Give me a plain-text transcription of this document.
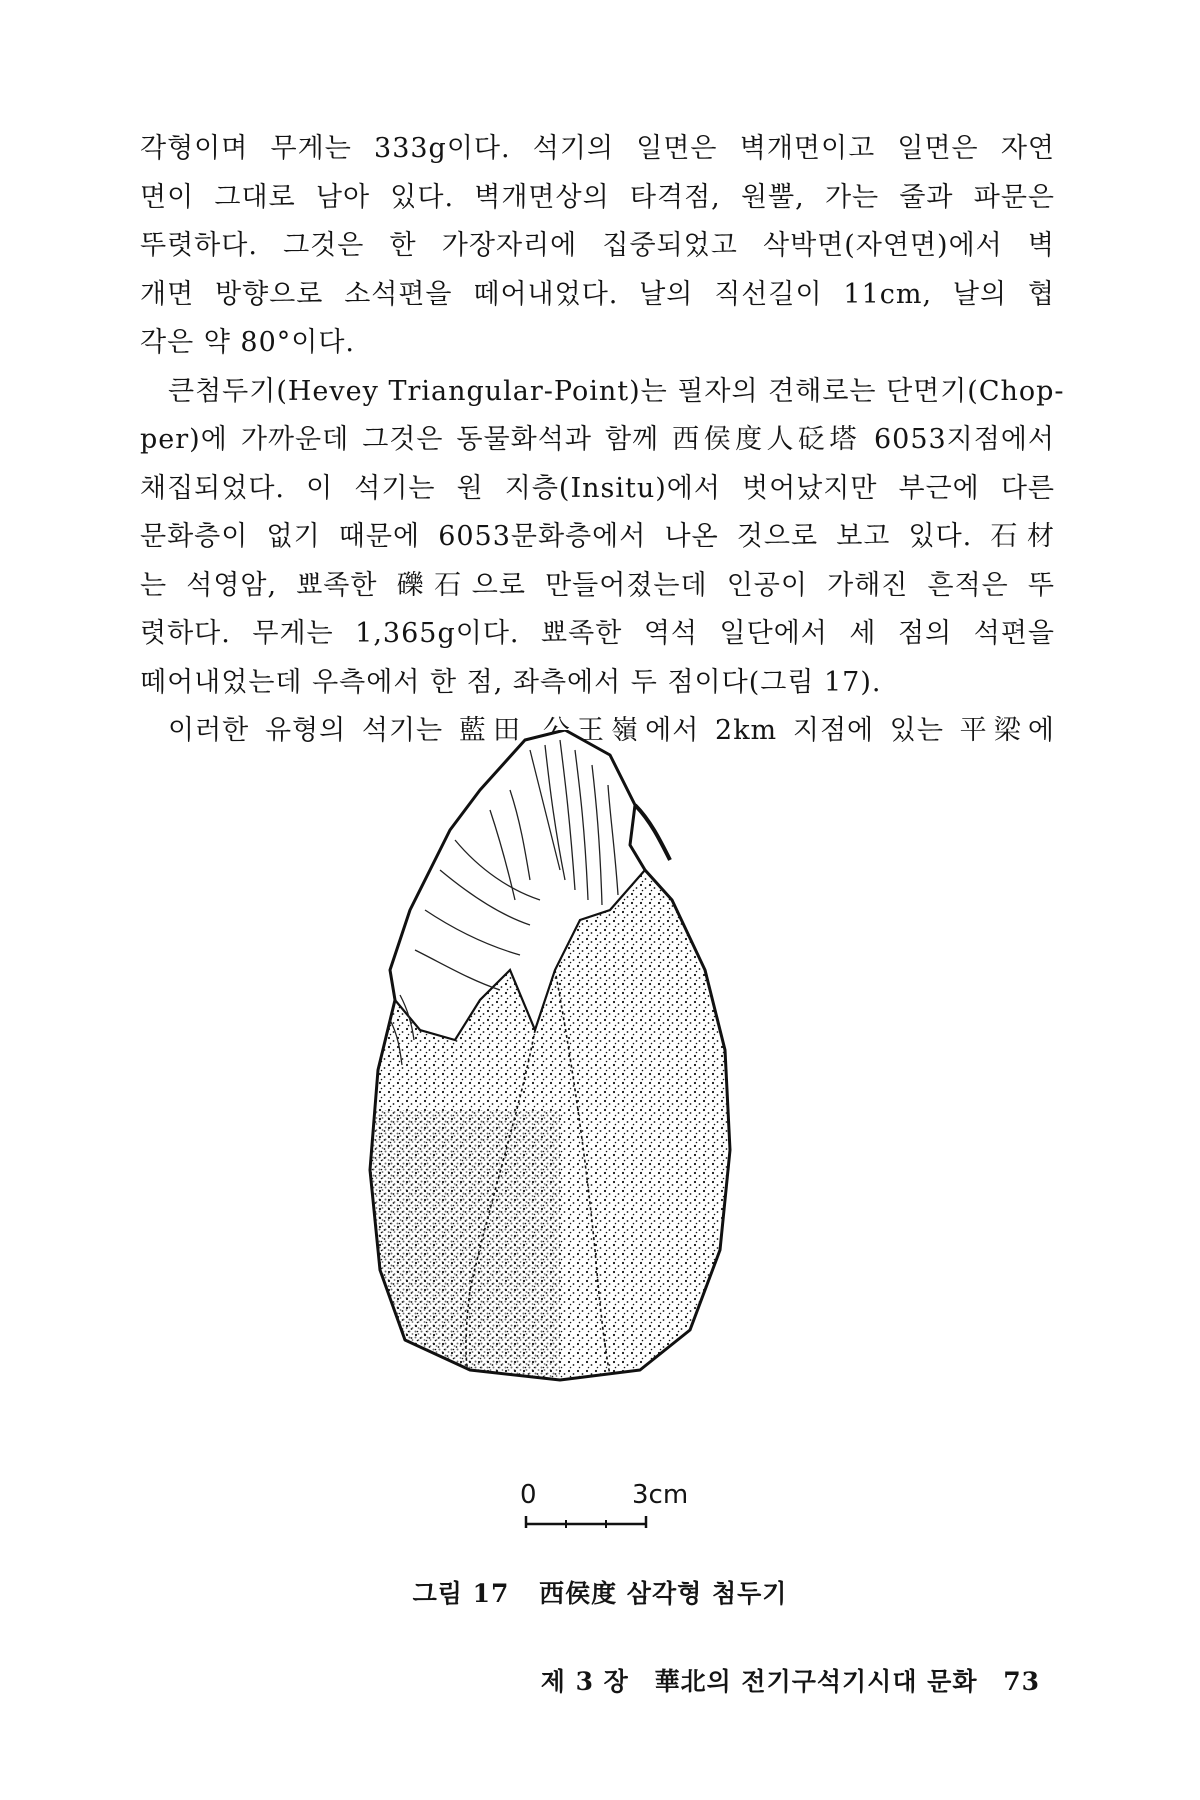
각형이며 무게는 333g이다. 석기의 일면은 벽개면이고 일면은 자연
면이 그대로 남아 있다. 벽개면상의 타격점, 원뿔, 가는 줄과 파문은
뚜렷하다. 그것은 한 가장자리에 집중되었고 삭박면(자연면)에서 벽
개면 방향으로 소석편을 떼어내었다. 날의 직선길이 11cm, 날의 협
각은 약 80°이다.
큰첨두기(Hevey Triangular-Point)는 필자의 견해로는 단면기(Chop-
per)에 가까운데 그것은 동물화석과 함께 西侯度人砭塔 6053지점에서
채집되었다. 이 석기는 원 지층(Insitu)에서 벗어났지만 부근에 다른
문화층이 없기 때문에 6053문화층에서 나온 것으로 보고 있다. 石材
는 석영암, 뾰족한 礫石으로 만들어졌는데 인공이 가해진 흔적은 뚜
렷하다. 무게는 1,365g이다. 뾰족한 역석 일단에서 세 점의 석편을
떼어내었는데 우측에서 한 점, 좌측에서 두 점이다(그림 17).
이러한 유형의 석기는 藍田 公王嶺에서 2km 지점에 있는 平梁에
0	3cm
그림 17 西侯度 삼각형 첨두기
제 3 장 華北의 전기구석기시대 문화 73
